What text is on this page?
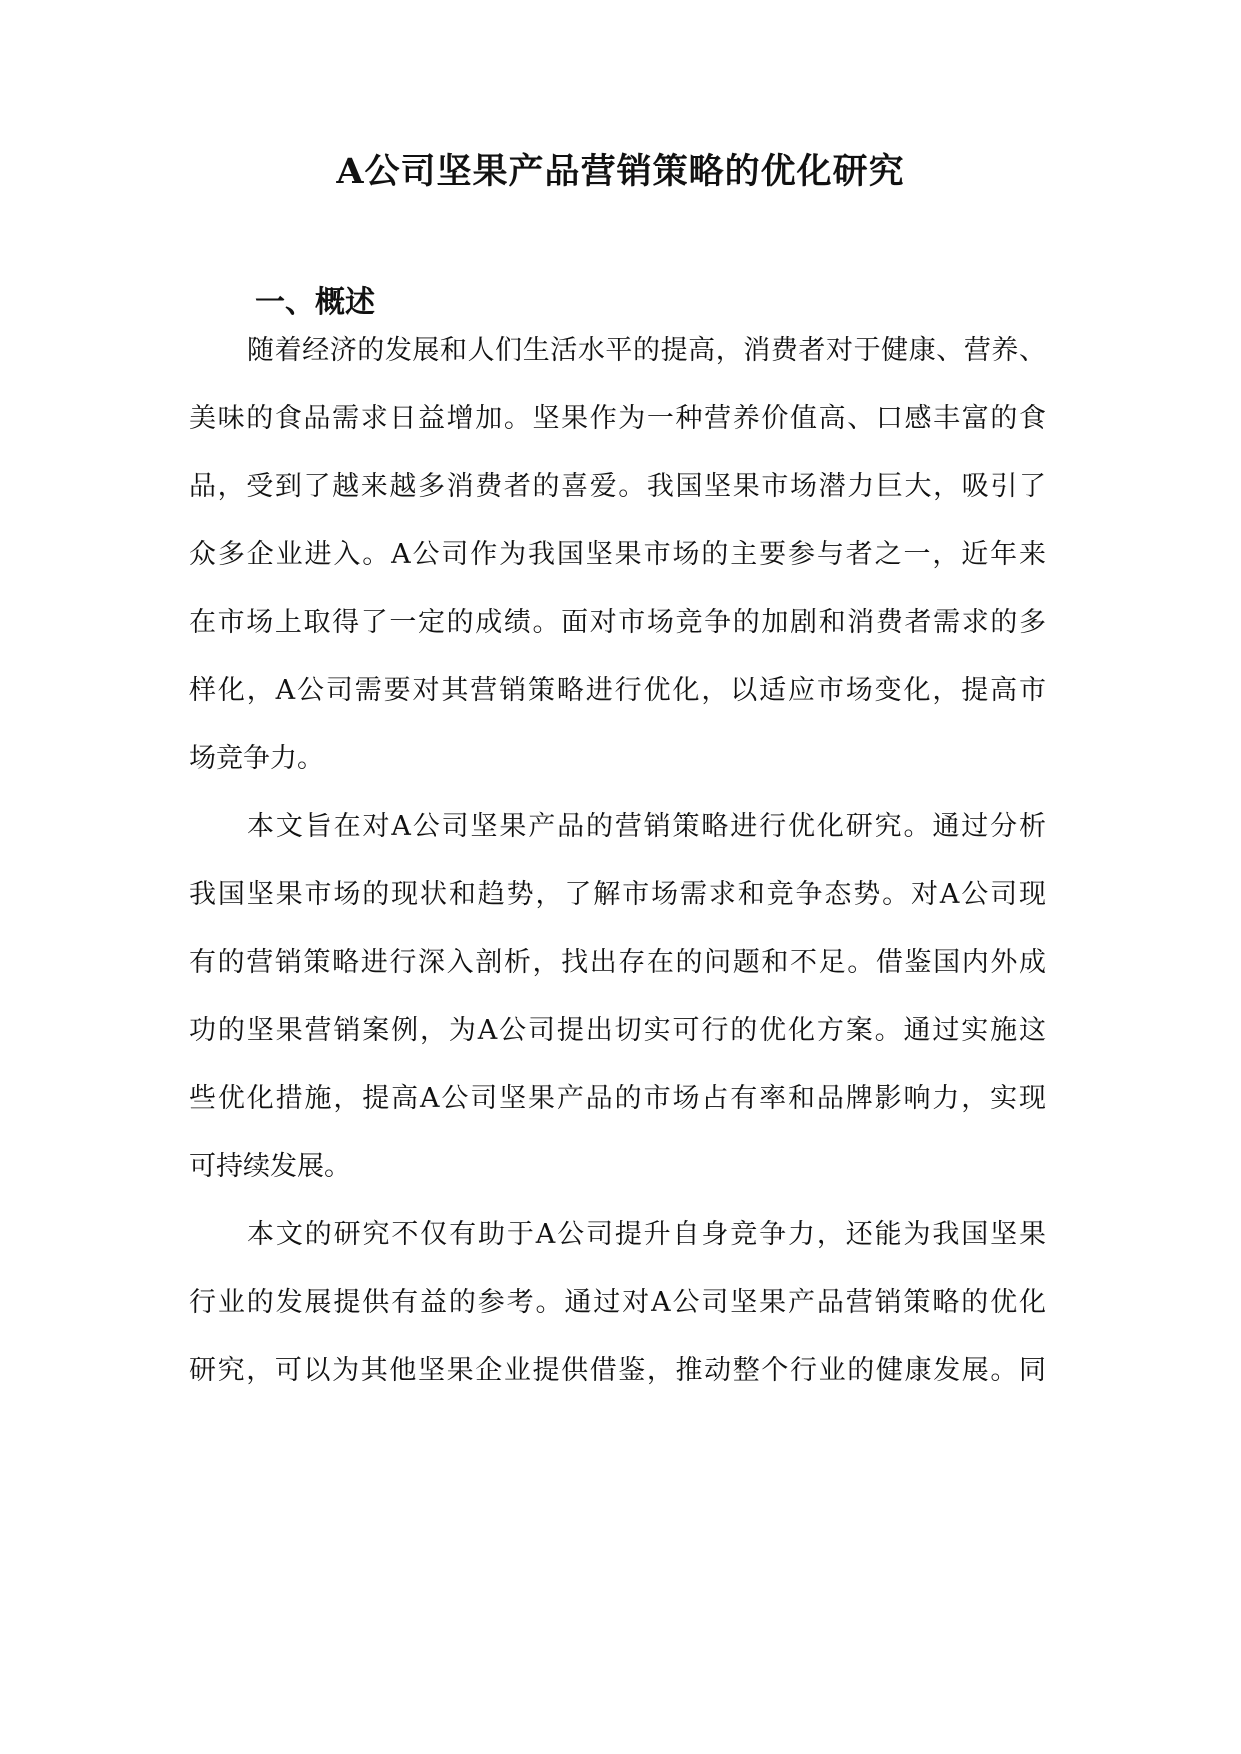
A公司坚果产品营销策略的优化研究
一、概述
随着经济的发展和人们生活水平的提高，消费者对于健康、营养、
美味的食品需求日益增加。坚果作为一种营养价值高、口感丰富的食
品，受到了越来越多消费者的喜爱。我国坚果市场潜力巨大，吸引了
众多企业进入。A公司作为我国坚果市场的主要参与者之一，近年来
在市场上取得了一定的成绩。面对市场竞争的加剧和消费者需求的多
样化，A公司需要对其营销策略进行优化，以适应市场变化，提高市
场竞争力。
本文旨在对A公司坚果产品的营销策略进行优化研究。通过分析
我国坚果市场的现状和趋势，了解市场需求和竞争态势。对A公司现
有的营销策略进行深入剖析，找出存在的问题和不足。借鉴国内外成
功的坚果营销案例，为A公司提出切实可行的优化方案。通过实施这
些优化措施，提高A公司坚果产品的市场占有率和品牌影响力，实现
可持续发展。
本文的研究不仅有助于A公司提升自身竞争力，还能为我国坚果
行业的发展提供有益的参考。通过对A公司坚果产品营销策略的优化
研究，可以为其他坚果企业提供借鉴，推动整个行业的健康发展。同
